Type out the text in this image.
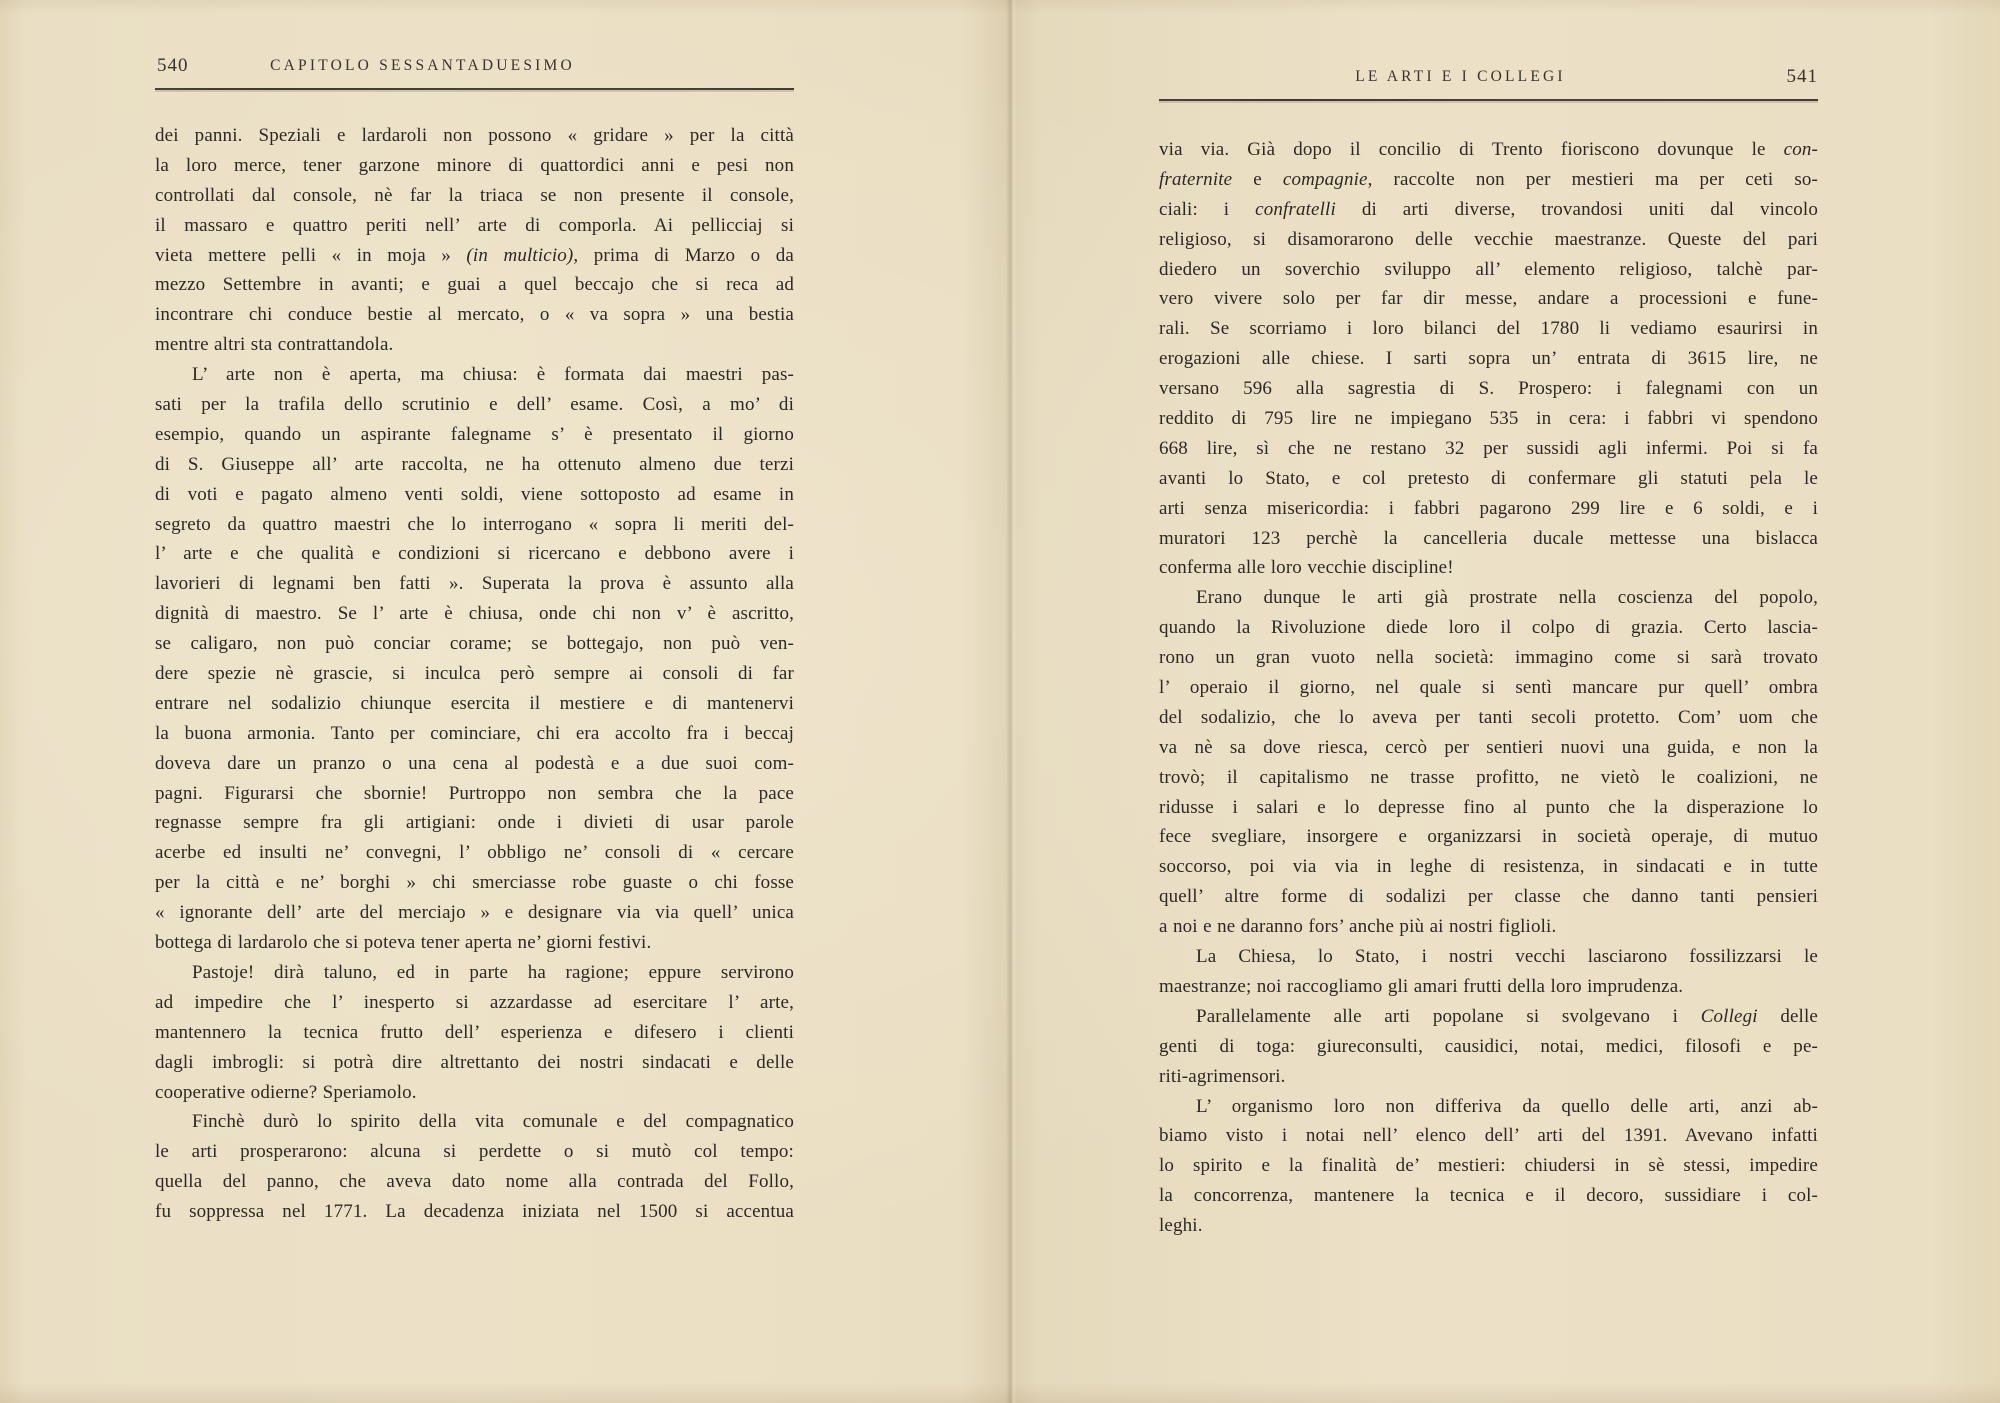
540	CAPITOLO SESSANTADUESIMO
dei panni. Speziali e lardaroli non possono « gridare » per la città
la loro merce, tener garzone minore di quattordici anni e pesi non
controllati dal console, nè far la triaca se non presente il console,
il massaro e quattro periti nell’ arte di comporla. Ai pellicciaj si
vieta mettere pelli « in moja » (in multicio), prima di Marzo o da
mezzo Settembre in avanti; e guai a quel beccajo che si reca ad
incontrare chi conduce bestie al mercato, o « va sopra » una bestia
mentre altri sta contrattandola.
L’ arte non è aperta, ma chiusa: è formata dai maestri pas-
sati per la trafila dello scrutinio e dell’ esame. Così, a mo’ di
esempio, quando un aspirante falegname s’ è presentato il giorno
di S. Giuseppe all’ arte raccolta, ne ha ottenuto almeno due terzi
di voti e pagato almeno venti soldi, viene sottoposto ad esame in
segreto da quattro maestri che lo interrogano « sopra li meriti del-
l’ arte e che qualità e condizioni si ricercano e debbono avere i
lavorieri di legnami ben fatti ». Superata la prova è assunto alla
dignità di maestro. Se l’ arte è chiusa, onde chi non v’ è ascritto,
se caligaro, non può conciar corame; se bottegajo, non può ven-
dere spezie nè grascie, si inculca però sempre ai consoli di far
entrare nel sodalizio chiunque esercita il mestiere e di mantenervi
la buona armonia. Tanto per cominciare, chi era accolto fra i beccaj
doveva dare un pranzo o una cena al podestà e a due suoi com-
pagni. Figurarsi che sbornie! Purtroppo non sembra che la pace
regnasse sempre fra gli artigiani: onde i divieti di usar parole
acerbe ed insulti ne’ convegni, l’ obbligo ne’ consoli di « cercare
per la città e ne’ borghi » chi smerciasse robe guaste o chi fosse
« ignorante dell’ arte del merciajo » e designare via via quell’ unica
bottega di lardarolo che si poteva tener aperta ne’ giorni festivi.
Pastoje! dirà taluno, ed in parte ha ragione; eppure servirono
ad impedire che l’ inesperto si azzardasse ad esercitare l’ arte,
mantennero la tecnica frutto dell’ esperienza e difesero i clienti
dagli imbrogli: si potrà dire altrettanto dei nostri sindacati e delle
cooperative odierne? Speriamolo.
Finchè durò lo spirito della vita comunale e del compagnatico
le arti prosperarono: alcuna si perdette o si mutò col tempo:
quella del panno, che aveva dato nome alla contrada del Follo,
fu soppressa nel 1771. La decadenza iniziata nel 1500 si accentua
LE ARTI E I COLLEGI	541
via via. Già dopo il concilio di Trento fioriscono dovunque le con-
fraternite e compagnie, raccolte non per mestieri ma per ceti so-
ciali: i confratelli di arti diverse, trovandosi uniti dal vincolo
religioso, si disamorarono delle vecchie maestranze. Queste del pari
diedero un soverchio sviluppo all’ elemento religioso, talchè par-
vero vivere solo per far dir messe, andare a processioni e fune-
rali. Se scorriamo i loro bilanci del 1780 li vediamo esaurirsi in
erogazioni alle chiese. I sarti sopra un’ entrata di 3615 lire, ne
versano 596 alla sagrestia di S. Prospero: i falegnami con un
reddito di 795 lire ne impiegano 535 in cera: i fabbri vi spendono
668 lire, sì che ne restano 32 per sussidi agli infermi. Poi si fa
avanti lo Stato, e col pretesto di confermare gli statuti pela le
arti senza misericordia: i fabbri pagarono 299 lire e 6 soldi, e i
muratori 123 perchè la cancelleria ducale mettesse una bislacca
conferma alle loro vecchie discipline!
Erano dunque le arti già prostrate nella coscienza del popolo,
quando la Rivoluzione diede loro il colpo di grazia. Certo lascia-
rono un gran vuoto nella società: immagino come si sarà trovato
l’ operaio il giorno, nel quale si sentì mancare pur quell’ ombra
del sodalizio, che lo aveva per tanti secoli protetto. Com’ uom che
va nè sa dove riesca, cercò per sentieri nuovi una guida, e non la
trovò; il capitalismo ne trasse profitto, ne vietò le coalizioni, ne
ridusse i salari e lo depresse fino al punto che la disperazione lo
fece svegliare, insorgere e organizzarsi in società operaje, di mutuo
soccorso, poi via via in leghe di resistenza, in sindacati e in tutte
quell’ altre forme di sodalizi per classe che danno tanti pensieri
a noi e ne daranno fors’ anche più ai nostri figlioli.
La Chiesa, lo Stato, i nostri vecchi lasciarono fossilizzarsi le
maestranze; noi raccogliamo gli amari frutti della loro imprudenza.
Parallelamente alle arti popolane si svolgevano i Collegi delle
genti di toga: giureconsulti, causidici, notai, medici, filosofi e pe-
riti-agrimensori.
L’ organismo loro non differiva da quello delle arti, anzi ab-
biamo visto i notai nell’ elenco dell’ arti del 1391. Avevano infatti
lo spirito e la finalità de’ mestieri: chiudersi in sè stessi, impedire
la concorrenza, mantenere la tecnica e il decoro, sussidiare i col-
leghi.
